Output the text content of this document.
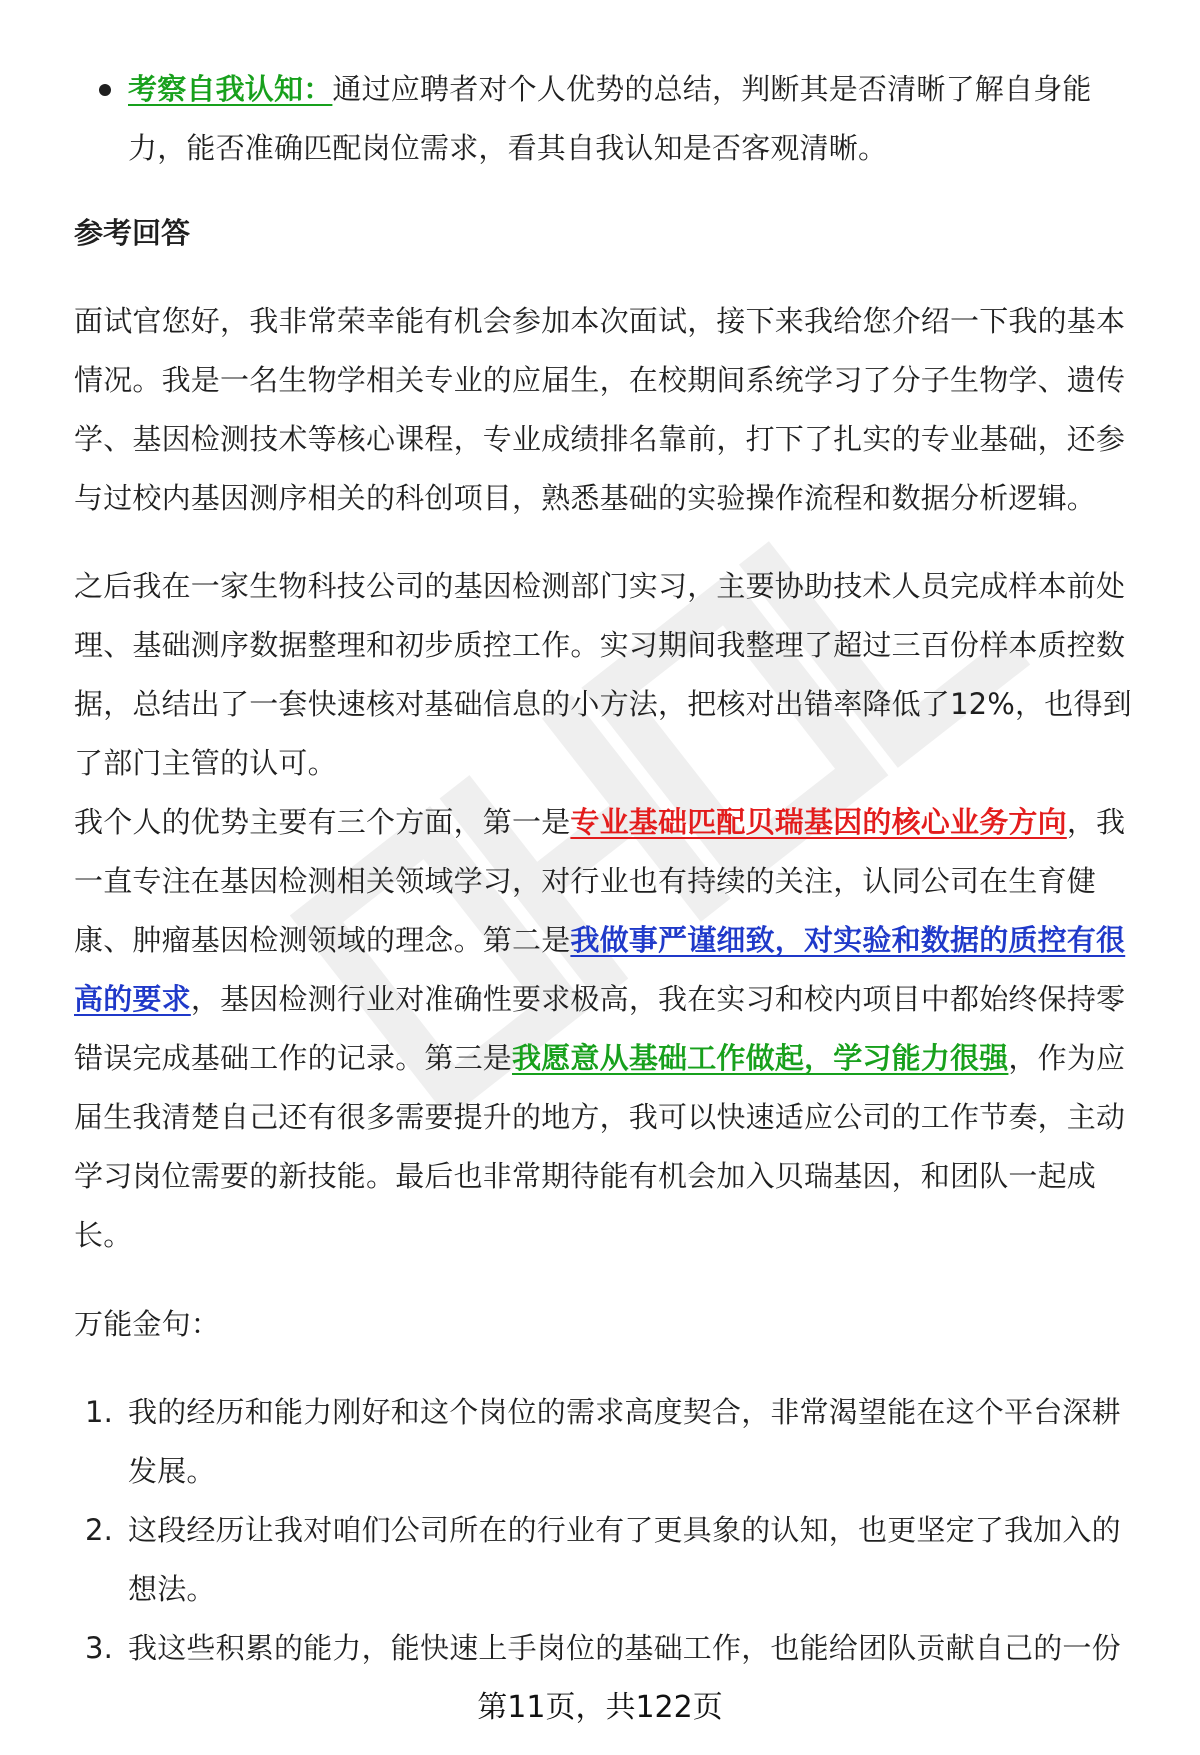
考察自我认知：通过应聘者对个人优势的总结，判断其是否清晰了解自身能力，能否准确匹配岗位需求，看其自我认知是否客观清晰。

参考回答

面试官您好，我非常荣幸能有机会参加本次面试，接下来我给您介绍一下我的基本情况。我是一名生物学相关专业的应届生，在校期间系统学习了分子生物学、遗传学、基因检测技术等核心课程，专业成绩排名靠前，打下了扎实的专业基础，还参与过校内基因测序相关的科创项目，熟悉基础的实验操作流程和数据分析逻辑。

之后我在一家生物科技公司的基因检测部门实习，主要协助技术人员完成样本前处理、基础测序数据整理和初步质控工作。实习期间我整理了超过三百份样本质控数据，总结出了一套快速核对基础信息的小方法，把核对出错率降低了12%，也得到了部门主管的认可。

我个人的优势主要有三个方面，第一是专业基础匹配贝瑞基因的核心业务方向，我一直专注在基因检测相关领域学习，对行业也有持续的关注，认同公司在生育健康、肿瘤基因检测领域的理念。第二是我做事严谨细致，对实验和数据的质控有很高的要求，基因检测行业对准确性要求极高，我在实习和校内项目中都始终保持零错误完成基础工作的记录。第三是我愿意从基础工作做起，学习能力很强，作为应届生我清楚自己还有很多需要提升的地方，我可以快速适应公司的工作节奏，主动学习岗位需要的新技能。最后也非常期待能有机会加入贝瑞基因，和团队一起成长。

万能金句：

1. 我的经历和能力刚好和这个岗位的需求高度契合，非常渴望能在这个平台深耕发展。
2. 这段经历让我对咱们公司所在的行业有了更具象的认知，也更坚定了我加入的想法。
3. 我这些积累的能力，能快速上手岗位的基础工作，也能给团队贡献自己的一份
第11页，共122页
